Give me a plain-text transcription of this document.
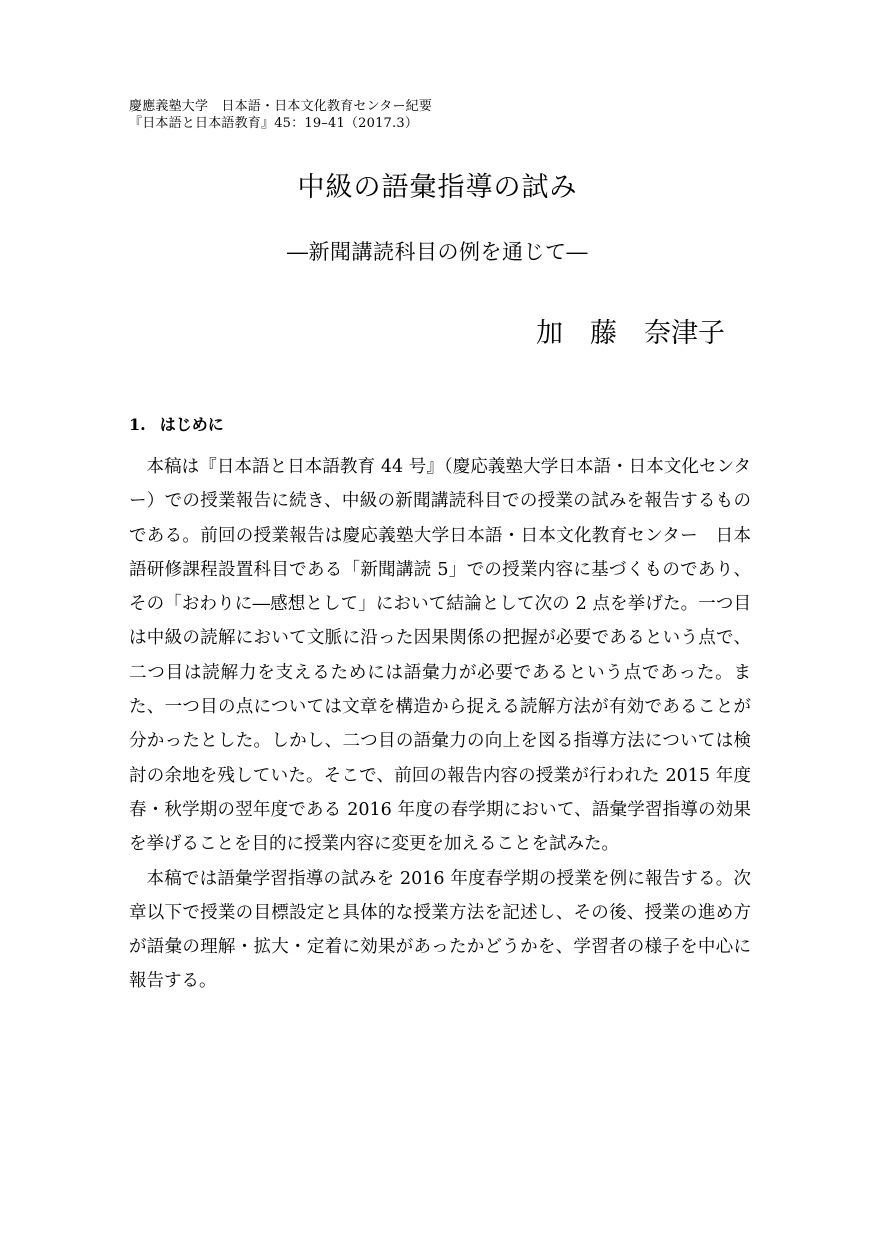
慶應義塾大学　日本語・日本文化教育センター紀要
『日本語と日本語教育』45：19–41（2017.3）
中級の語彙指導の試み
―新聞講読科目の例を通じて―
加　藤　奈津子
1. はじめに

本稿は『日本語と日本語教育 44 号』（慶応義塾大学日本語・日本文化センター）での授業報告に続き、中級の新聞講読科目での授業の試みを報告するものである。前回の授業報告は慶応義塾大学日本語・日本文化教育センター　日本語研修課程設置科目である「新聞講読 5」での授業内容に基づくものであり、その「おわりに―感想として」において結論として次の 2 点を挙げた。一つ目は中級の読解において文脈に沿った因果関係の把握が必要であるという点で、二つ目は読解力を支えるためには語彙力が必要であるという点であった。また、一つ目の点については文章を構造から捉える読解方法が有効であることが分かったとした。しかし、二つ目の語彙力の向上を図る指導方法については検討の余地を残していた。そこで、前回の報告内容の授業が行われた 2015 年度春・秋学期の翌年度である 2016 年度の春学期において、語彙学習指導の効果を挙げることを目的に授業内容に変更を加えることを試みた。

本稿では語彙学習指導の試みを 2016 年度春学期の授業を例に報告する。次章以下で授業の目標設定と具体的な授業方法を記述し、その後、授業の進め方が語彙の理解・拡大・定着に効果があったかどうかを、学習者の様子を中心に報告する。
